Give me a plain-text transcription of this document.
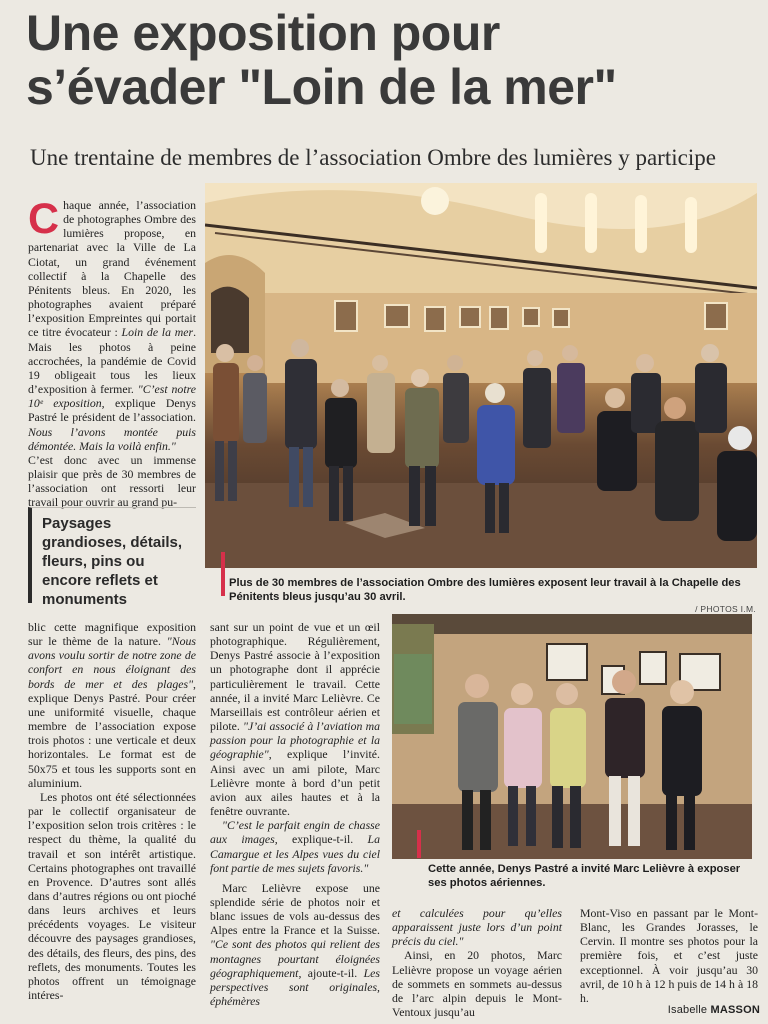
Une exposition pour
s’évader "Loin de la mer"
Une trentaine de membres de l’association Ombre des lumières y participe
Plus de 30 membres de l’association Ombre des lumières exposent leur travail à la Chapelle des Pénitents bleus jusqu’au 30 avril.
/ PHOTOS I.M.

Chaque année, l’association de photographes Ombre des lumières propose, en partenariat avec la Ville de La Ciotat, un grand événement collectif à la Chapelle des Pénitents bleus. En 2020, les photographes avaient préparé l’exposition Empreintes qui portait ce titre évocateur : Loin de la mer. Mais les photos à peine accrochées, la pandémie de Covid 19 obligeait tous les lieux d’exposition à fermer. "C’est notre 10ᵉ exposition, explique Denys Pastré le président de l’association. Nous l’avons montée puis démontée. Mais la voilà enfin."

C’est donc avec un immense plaisir que près de 30 membres de l’association ont ressorti leur travail pour ouvrir au grand pu-

Paysages grandioses, détails, fleurs, pins ou encore reflets et monuments

blic cette magnifique exposition sur le thème de la nature. "Nous avons voulu sortir de notre zone de confort en nous éloignant des bords de mer et des plages", explique Denys Pastré. Pour créer une uniformité visuelle, chaque membre de l’association expose trois photos : une verticale et deux horizontales. Le format est de 50x75 et tous les supports sont en aluminium.

Les photos ont été sélectionnées par le collectif organisateur de l’exposition selon trois critères : le respect du thème, la qualité du travail et son intérêt artistique. Certains photographes ont travaillé en Provence. D’autres sont allés dans d’autres régions ou ont pioché dans leurs archives et leurs précédents voyages. Le visiteur découvre des paysages grandioses, des détails, des fleurs, des pins, des reflets, des monuments. Toutes les photos offrent un témoignage intéres-

sant sur un point de vue et un œil photographique. Régulièrement, Denys Pastré associe à l’exposition un photographe dont il apprécie particulièrement le travail. Cette année, il a invité Marc Lelièvre. Ce Marseillais est contrôleur aérien et pilote. "J’ai associé à l’aviation ma passion pour la photographie et la géographie", explique l’invité. Ainsi avec un ami pilote, Marc Lelièvre monte à bord d’un petit avion aux ailes hautes et à la fenêtre ouvrante.

"C’est le parfait engin de chasse aux images, explique-t-il. La Camargue et les Alpes vues du ciel font partie de mes sujets favoris."

Marc Lelièvre expose une splendide série de photos noir et blanc issues de vols au-dessus des Alpes entre la France et la Suisse. "Ce sont des photos qui relient des montagnes pourtant éloignées géographiquement, ajoute-t-il. Les perspectives sont originales, éphémères

Cette année, Denys Pastré a invité Marc Lelièvre à exposer ses photos aériennes.

et calculées pour qu’elles apparaissent juste lors d’un point précis du ciel."

Ainsi, en 20 photos, Marc Lelièvre propose un voyage aérien de sommets en sommets au-dessus de l’arc alpin depuis le Mont-Ventoux jusqu’au

Mont-Viso en passant par le Mont-Blanc, les Grandes Jorasses, le Cervin. Il montre ses photos pour la première fois, et c’est juste exceptionnel. À voir jusqu’au 30 avril, de 10 h à 12 h puis de 14 h à 18 h.

Isabelle MASSON
